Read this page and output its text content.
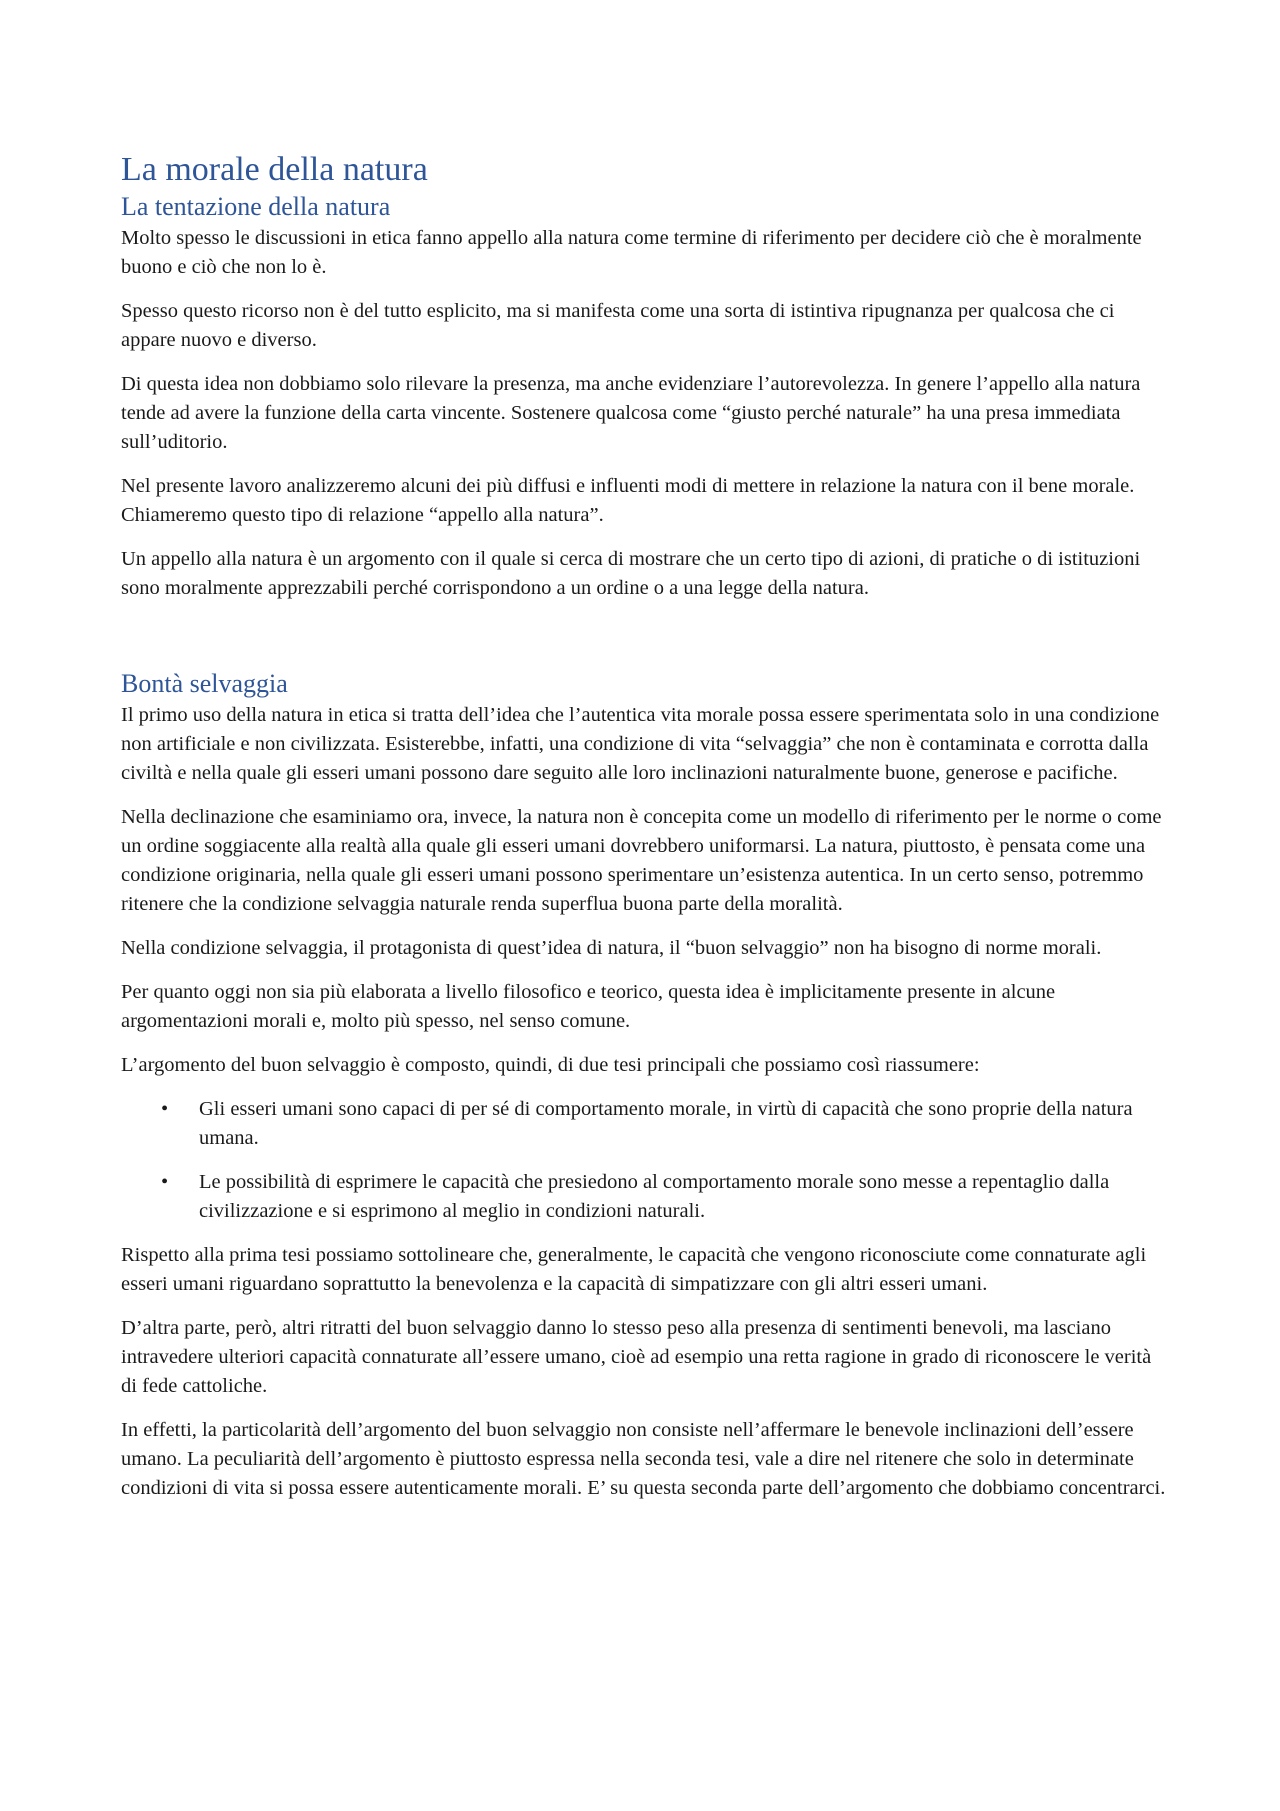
La morale della natura
La tentazione della natura

Molto spesso le discussioni in etica fanno appello alla natura come termine di riferimento per decidere ciò che è moralmente buono e ciò che non lo è.

Spesso questo ricorso non è del tutto esplicito, ma si manifesta come una sorta di istintiva ripugnanza per qualcosa che ci appare nuovo e diverso.

Di questa idea non dobbiamo solo rilevare la presenza, ma anche evidenziare l’autorevolezza. In genere l’appello alla natura tende ad avere la funzione della carta vincente. Sostenere qualcosa come “giusto perché naturale” ha una presa immediata sull’uditorio.

Nel presente lavoro analizzeremo alcuni dei più diffusi e influenti modi di mettere in relazione la natura con il bene morale. Chiameremo questo tipo di relazione “appello alla natura”.

Un appello alla natura è un argomento con il quale si cerca di mostrare che un certo tipo di azioni, di pratiche o di istituzioni sono moralmente apprezzabili perché corrispondono a un ordine o a una legge della natura.

Bontà selvaggia

Il primo uso della natura in etica si tratta dell’idea che l’autentica vita morale possa essere sperimentata solo in una condizione non artificiale e non civilizzata. Esisterebbe, infatti, una condizione di vita “selvaggia” che non è contaminata e corrotta dalla civiltà e nella quale gli esseri umani possono dare seguito alle loro inclinazioni naturalmente buone, generose e pacifiche.

Nella declinazione che esaminiamo ora, invece, la natura non è concepita come un modello di riferimento per le norme o come un ordine soggiacente alla realtà alla quale gli esseri umani dovrebbero uniformarsi. La natura, piuttosto, è pensata come una condizione originaria, nella quale gli esseri umani possono sperimentare un’esistenza autentica. In un certo senso, potremmo ritenere che la condizione selvaggia naturale renda superflua buona parte della moralità.

Nella condizione selvaggia, il protagonista di quest’idea di natura, il “buon selvaggio” non ha bisogno di norme morali.

Per quanto oggi non sia più elaborata a livello filosofico e teorico, questa idea è implicitamente presente in alcune argomentazioni morali e, molto più spesso, nel senso comune.

L’argomento del buon selvaggio è composto, quindi, di due tesi principali che possiamo così riassumere:

• Gli esseri umani sono capaci di per sé di comportamento morale, in virtù di capacità che sono proprie della natura umana.
• Le possibilità di esprimere le capacità che presiedono al comportamento morale sono messe a repentaglio dalla civilizzazione e si esprimono al meglio in condizioni naturali.

Rispetto alla prima tesi possiamo sottolineare che, generalmente, le capacità che vengono riconosciute come connaturate agli esseri umani riguardano soprattutto la benevolenza e la capacità di simpatizzare con gli altri esseri umani.

D’altra parte, però, altri ritratti del buon selvaggio danno lo stesso peso alla presenza di sentimenti benevoli, ma lasciano intravedere ulteriori capacità connaturate all’essere umano, cioè ad esempio una retta ragione in grado di riconoscere le verità di fede cattoliche.

In effetti, la particolarità dell’argomento del buon selvaggio non consiste nell’affermare le benevole inclinazioni dell’essere umano. La peculiarità dell’argomento è piuttosto espressa nella seconda tesi, vale a dire nel ritenere che solo in determinate condizioni di vita si possa essere autenticamente morali. E’ su questa seconda parte dell’argomento che dobbiamo concentrarci.
